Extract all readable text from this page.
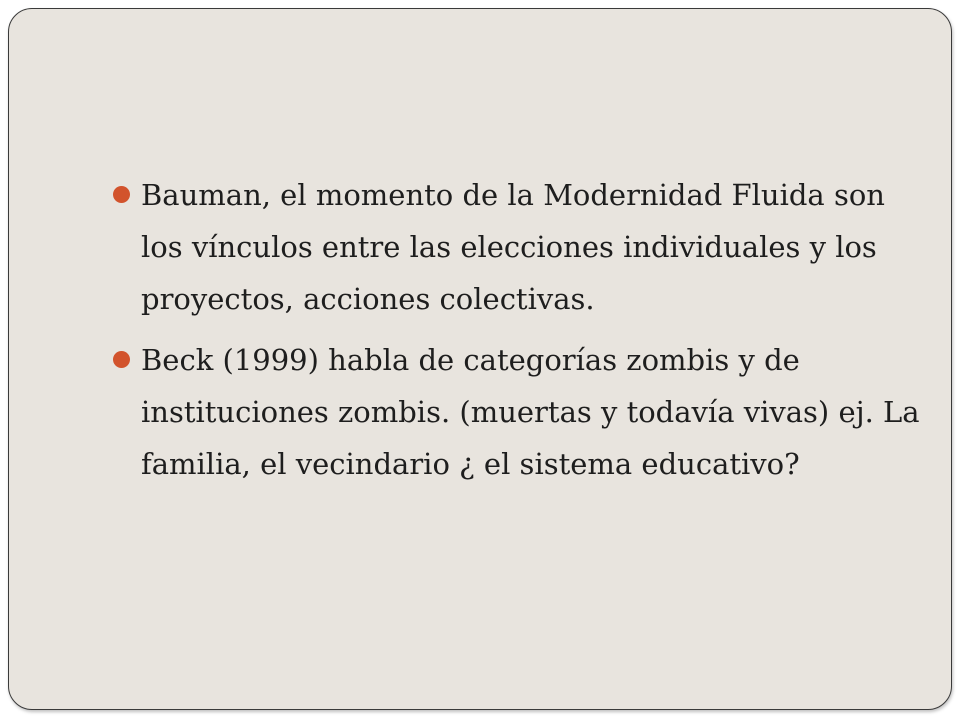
Bauman, el momento de la Modernidad Fluida son los vínculos entre las elecciones individuales y los proyectos, acciones colectivas.
Beck (1999) habla de categorías zombis y de instituciones zombis. (muertas y todavía vivas) ej. La familia, el vecindario ¿ el sistema educativo?
